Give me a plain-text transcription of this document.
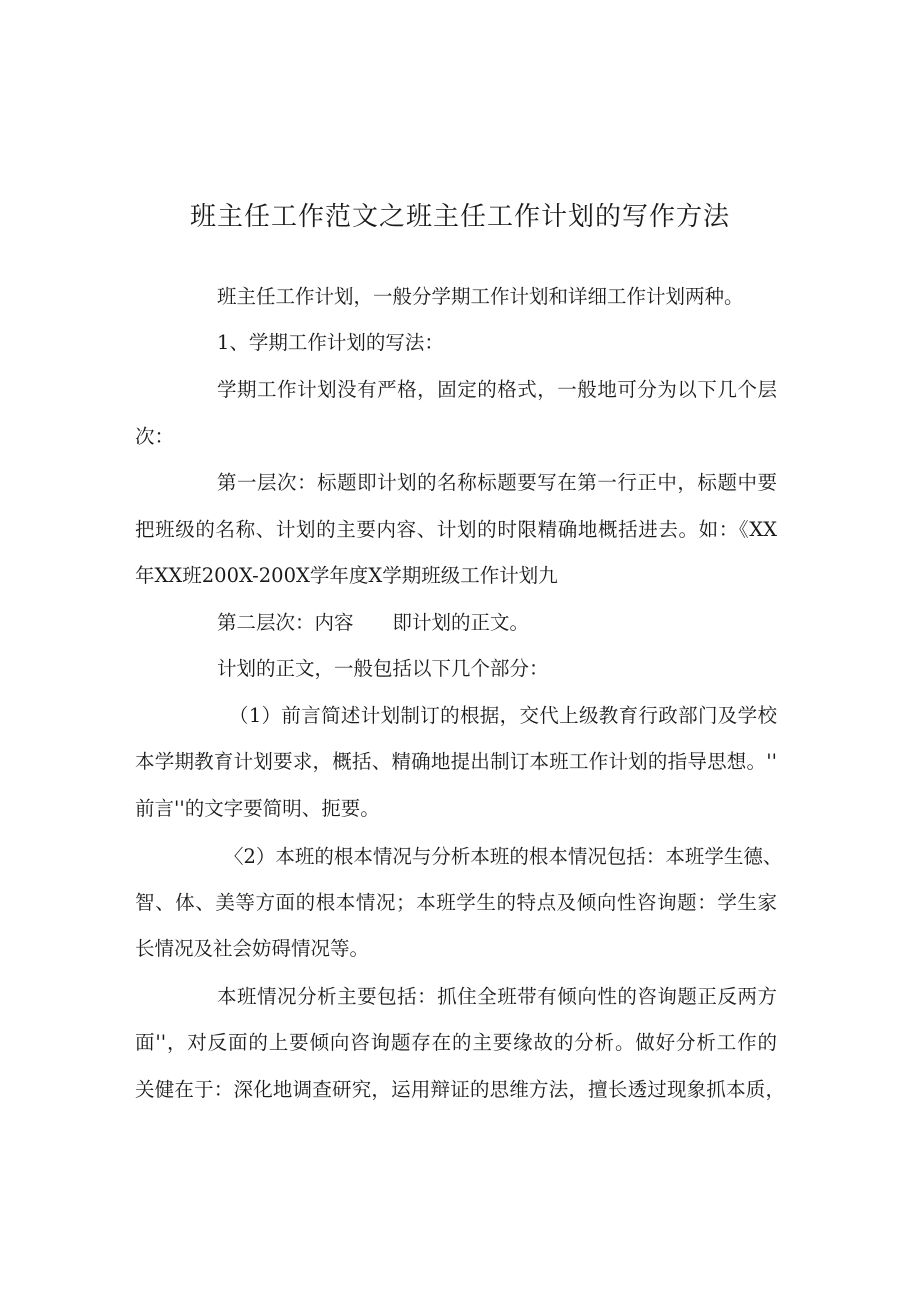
班主任工作范文之班主任工作计划的写作方法
班主任工作计划，一般分学期工作计划和详细工作计划两种。
1、学期工作计划的写法：
学期工作计划没有严格，固定的格式，一般地可分为以下几个层
次：
第一层次：标题即计划的名称标题要写在第一行正中，标题中要
把班级的名称、计划的主要内容、计划的时限精确地概括进去。如：《XX
年XX班200X-200X学年度X学期班级工作计划九
第二层次：内容　　即计划的正文。
计划的正文，一般包括以下几个部分：
（1）前言简述计划制订的根据，交代上级教育行政部门及学校
本学期教育计划要求，概括、精确地提出制订本班工作计划的指导思想。''
前言''的文字要简明、扼要。
〈2）本班的根本情况与分析本班的根本情况包括：本班学生德、
智、体、美等方面的根本情况；本班学生的特点及倾向性咨询题：学生家
长情况及社会妨碍情况等。
本班情况分析主要包括：抓住全班带有倾向性的咨询题正反两方
面''，对反面的上要倾向咨询题存在的主要缘故的分析。做好分析工作的
关健在于：深化地调查研究，运用辩证的思维方法，擅长透过现象抓本质，
